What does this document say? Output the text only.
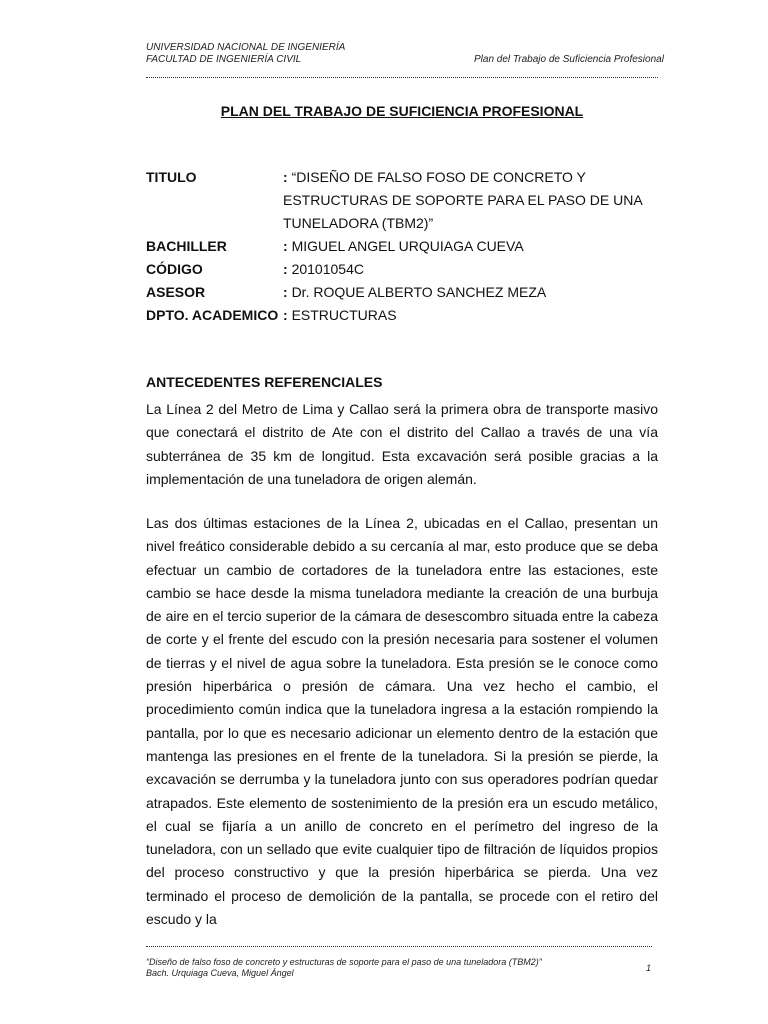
UNIVERSIDAD NACIONAL DE INGENIERÍA
FACULTAD DE INGENIERÍA CIVIL	Plan del Trabajo de Suficiencia Profesional
PLAN DEL TRABAJO DE SUFICIENCIA PROFESIONAL
TITULO	: “DISEÑO DE FALSO FOSO DE CONCRETO Y ESTRUCTURAS DE SOPORTE PARA EL PASO DE UNA TUNELADORA (TBM2)”
BACHILLER	: MIGUEL ANGEL URQUIAGA CUEVA
CÓDIGO	: 20101054C
ASESOR	: Dr. ROQUE ALBERTO SANCHEZ MEZA
DPTO. ACADEMICO : ESTRUCTURAS
ANTECEDENTES REFERENCIALES
La Línea 2 del Metro de Lima y Callao será la primera obra de transporte masivo que conectará el distrito de Ate con el distrito del Callao a través de una vía subterránea de 35 km de longitud. Esta excavación será posible gracias a la implementación de una tuneladora de origen alemán.
Las dos últimas estaciones de la Línea 2, ubicadas en el Callao, presentan un nivel freático considerable debido a su cercanía al mar, esto produce que se deba efectuar un cambio de cortadores de la tuneladora entre las estaciones, este cambio se hace desde la misma tuneladora mediante la creación de una burbuja de aire en el tercio superior de la cámara de desescombro situada entre la cabeza de corte y el frente del escudo con la presión necesaria para sostener el volumen de tierras y el nivel de agua sobre la tuneladora. Esta presión se le conoce como presión hiperbárica o presión de cámara. Una vez hecho el cambio, el procedimiento común indica que la tuneladora ingresa a la estación rompiendo la pantalla, por lo que es necesario adicionar un elemento dentro de la estación que mantenga las presiones en el frente de la tuneladora. Si la presión se pierde, la excavación se derrumba y la tuneladora junto con sus operadores podrían quedar atrapados. Este elemento de sostenimiento de la presión era un escudo metálico, el cual se fijaría a un anillo de concreto en el perímetro del ingreso de la tuneladora, con un sellado que evite cualquier tipo de filtración de líquidos propios del proceso constructivo y que la presión hiperbárica se pierda. Una vez terminado el proceso de demolición de la pantalla, se procede con el retiro del escudo y la
“Diseño de falso foso de concreto y estructuras de soporte para el paso de una tuneladora (TBM2)”
Bach. Urquiaga Cueva, Miguel Ángel	1
